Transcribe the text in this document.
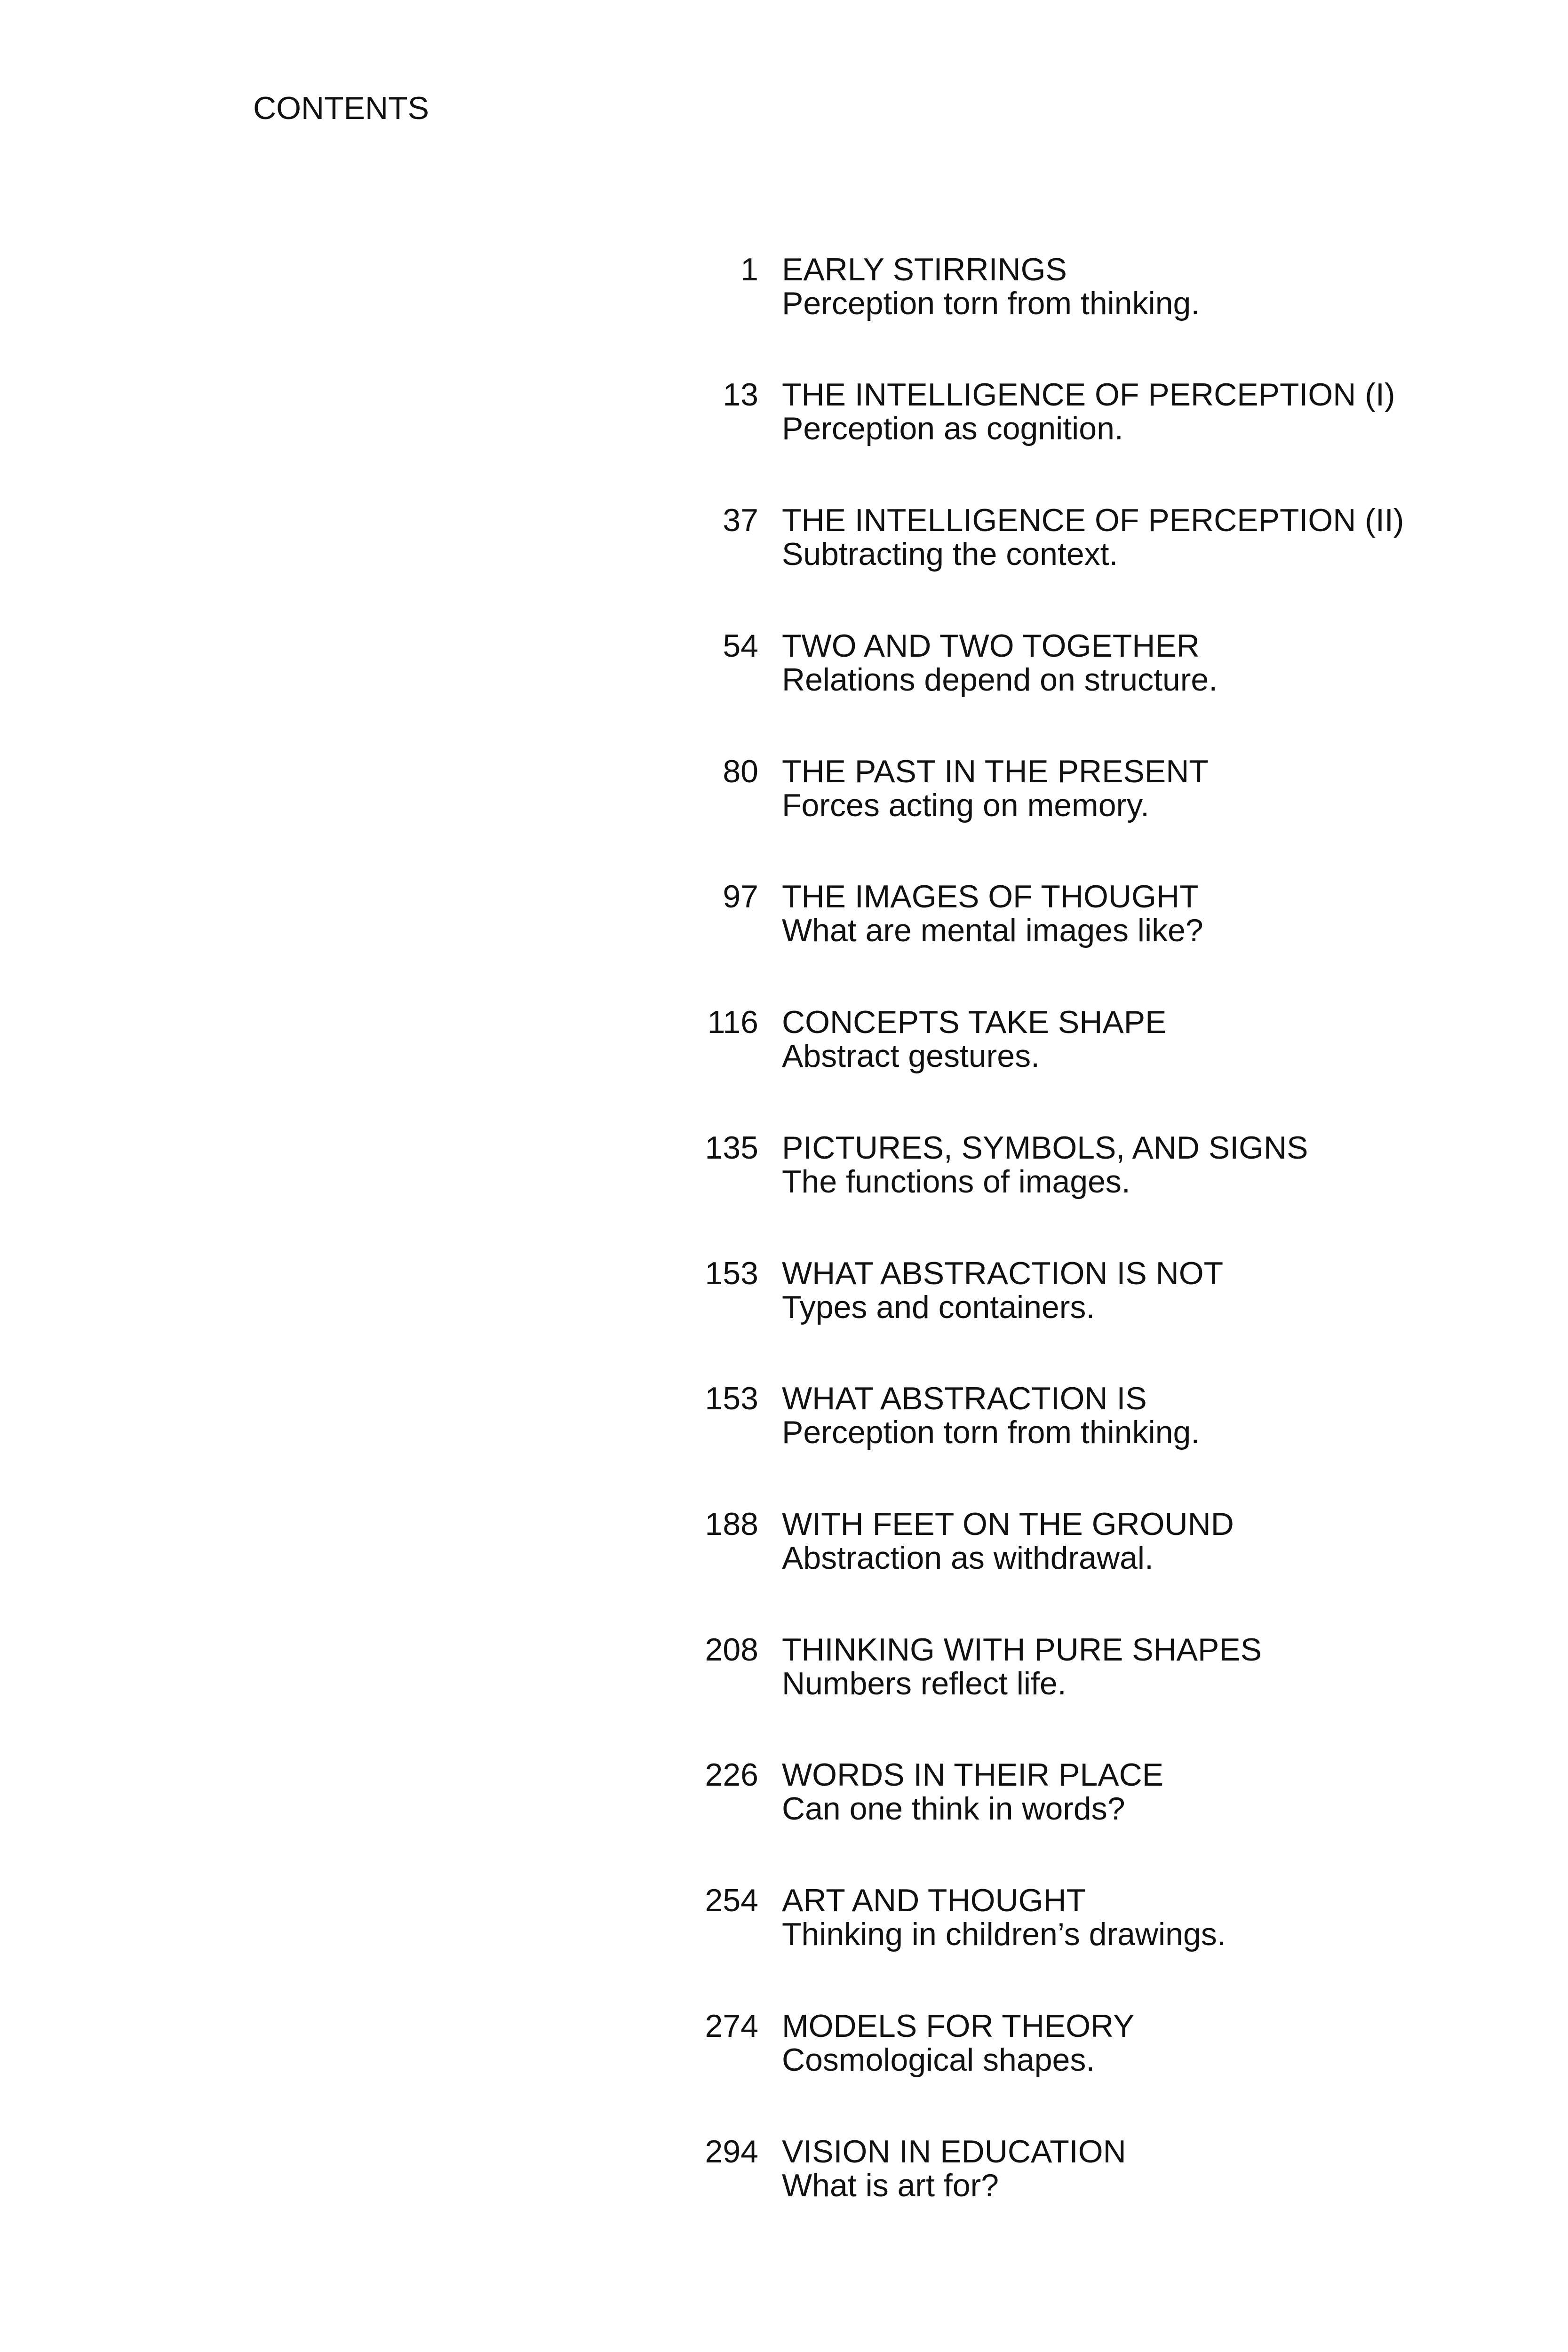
CONTENTS
1 EARLY STIRRINGS
Perception torn from thinking.
13 THE INTELLIGENCE OF PERCEPTION (I)
Perception as cognition.
37 THE INTELLIGENCE OF PERCEPTION (II)
Subtracting the context.
54 TWO AND TWO TOGETHER
Relations depend on structure.
80 THE PAST IN THE PRESENT
Forces acting on memory.
97 THE IMAGES OF THOUGHT
What are mental images like?
116 CONCEPTS TAKE SHAPE
Abstract gestures.
135 PICTURES, SYMBOLS, AND SIGNS
The functions of images.
153 WHAT ABSTRACTION IS NOT
Types and containers.
153 WHAT ABSTRACTION IS
Perception torn from thinking.
188 WITH FEET ON THE GROUND
Abstraction as withdrawal.
208 THINKING WITH PURE SHAPES
Numbers reflect life.
226 WORDS IN THEIR PLACE
Can one think in words?
254 ART AND THOUGHT
Thinking in children’s drawings.
274 MODELS FOR THEORY
Cosmological shapes.
294 VISION IN EDUCATION
What is art for?
